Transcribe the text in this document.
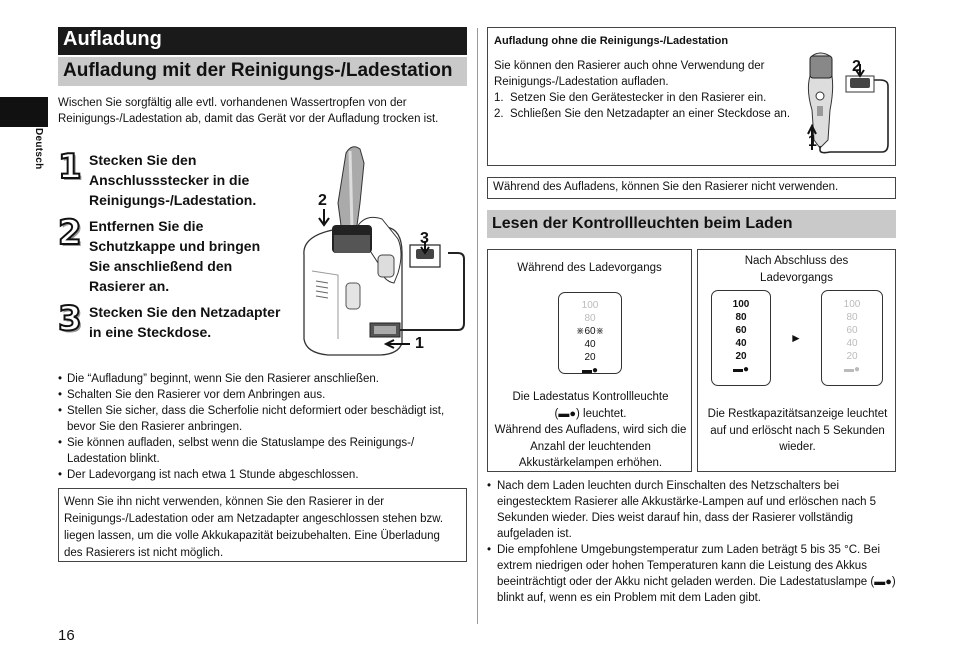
Deutsch
Aufladung
Aufladung mit der Reinigungs-/Ladestation
Wischen Sie sorgfältig alle evtl. vorhandenen Wassertropfen von der Reinigungs-/Ladestation ab, damit das Gerät vor der Aufladung trocken ist.
1 Stecken Sie den
Anschlussstecker in die
Reinigungs-/Ladestation.
2 Entfernen Sie die
Schutzkappe und bringen
Sie anschließend den
Rasierer an.
3 Stecken Sie den Netzadapter
in eine Steckdose.
2
3
1
• Die “Aufladung” beginnt, wenn Sie den Rasierer anschließen.
• Schalten Sie den Rasierer vor dem Anbringen aus.
• Stellen Sie sicher, dass die Scherfolie nicht deformiert oder beschädigt ist, bevor Sie den Rasierer anbringen.
• Sie können aufladen, selbst wenn die Statuslampe des Reinigungs-/ Ladestation blinkt.
• Der Ladevorgang ist nach etwa 1 Stunde abgeschlossen.
Wenn Sie ihn nicht verwenden, können Sie den Rasierer in der Reinigungs-/Ladestation oder am Netzadapter angeschlossen stehen bzw. liegen lassen, um die volle Akkukapazität beizubehalten. Eine Überladung des Rasierers ist nicht möglich.
16
Aufladung ohne die Reinigungs-/Ladestation
Sie können den Rasierer auch ohne Verwendung der Reinigungs-/Ladestation aufladen.
1. Setzen Sie den Gerätestecker in den Rasierer ein.
2. Schließen Sie den Netzadapter an einer Steckdose an.
2
1
Während des Aufladens, können Sie den Rasierer nicht verwenden.
Lesen der Kontrollleuchten beim Laden
Während des Ladevorgangs
100
80
⋇60⋇
40
20
▬●
Die Ladestatus Kontrollleuchte
(▬●) leuchtet.
Während des Aufladens, wird sich die Anzahl der leuchtenden Akkustärkelampen erhöhen.
Nach Abschluss des Ladevorgangs
100
80
60
40
20
▬●
►
100
80
60
40
20
▬●
Die Restkapazitätsanzeige leuchtet auf und erlöscht nach 5 Sekunden wieder.
• Nach dem Laden leuchten durch Einschalten des Netzschalters bei eingestecktem Rasierer alle Akkustärke-Lampen auf und erlöschen nach 5 Sekunden wieder. Dies weist darauf hin, dass der Rasierer vollständig aufgeladen ist.
• Die empfohlene Umgebungstemperatur zum Laden beträgt 5 bis 35 °C. Bei extrem niedrigen oder hohen Temperaturen kann die Leistung des Akkus beeinträchtigt oder der Akku nicht geladen werden. Die Ladestatuslampe (▬●) blinkt auf, wenn es ein Problem mit dem Laden gibt.
